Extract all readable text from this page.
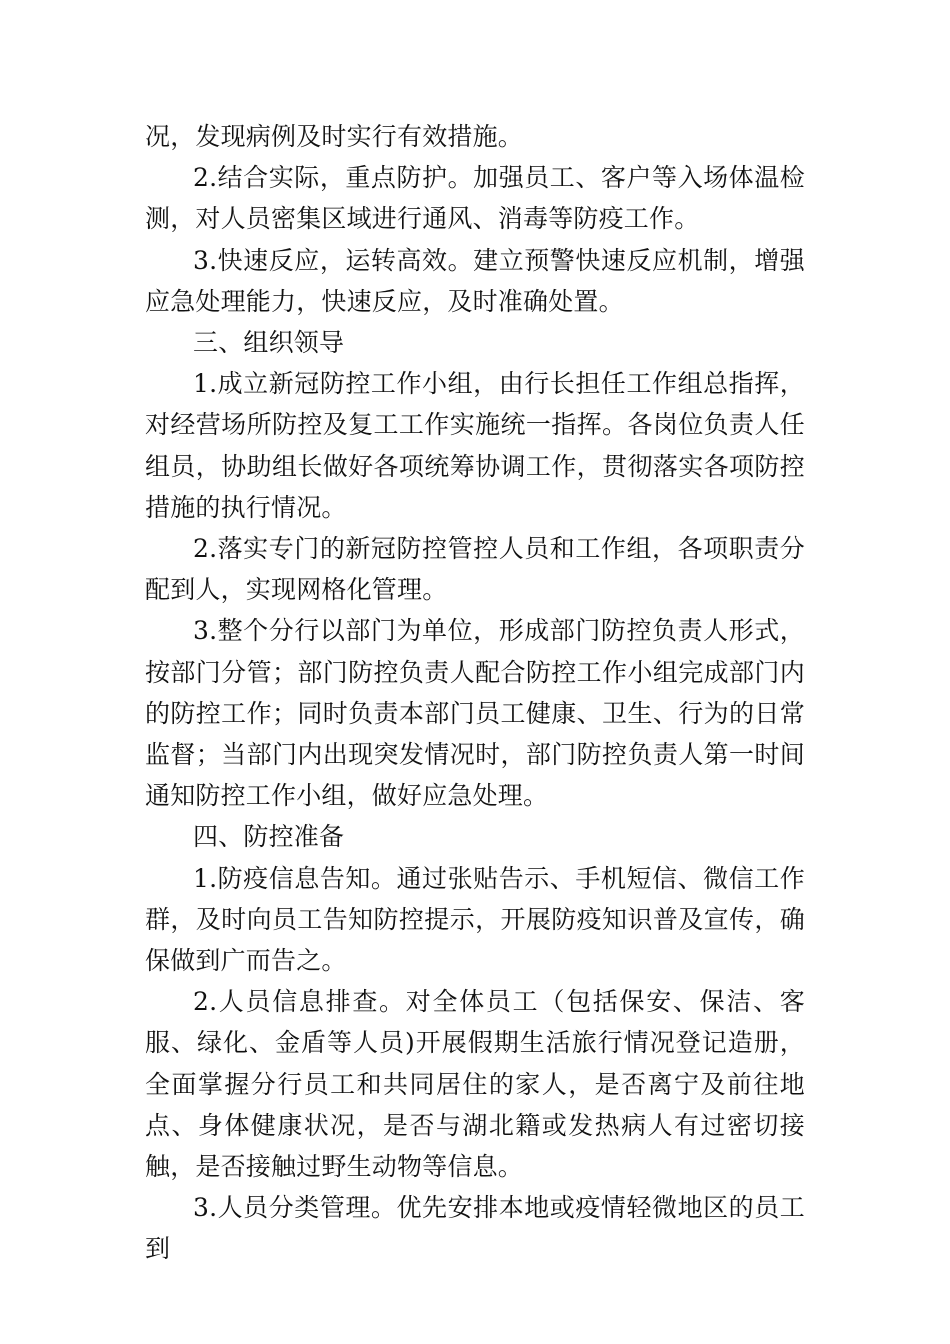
况，发现病例及时实行有效措施。

2.结合实际，重点防护。加强员工、客户等入场体温检测，对人员密集区域进行通风、消毒等防疫工作。

3.快速反应，运转高效。建立预警快速反应机制，增强应急处理能力，快速反应，及时准确处置。

三、组织领导

1.成立新冠防控工作小组，由行长担任工作组总指挥，对经营场所防控及复工工作实施统一指挥。各岗位负责人任组员，协助组长做好各项统筹协调工作，贯彻落实各项防控措施的执行情况。

2.落实专门的新冠防控管控人员和工作组，各项职责分配到人，实现网格化管理。

3.整个分行以部门为单位，形成部门防控负责人形式，按部门分管；部门防控负责人配合防控工作小组完成部门内的防控工作；同时负责本部门员工健康、卫生、行为的日常监督；当部门内出现突发情况时，部门防控负责人第一时间通知防控工作小组，做好应急处理。

四、防控准备

1.防疫信息告知。通过张贴告示、手机短信、微信工作群，及时向员工告知防控提示，开展防疫知识普及宣传，确保做到广而告之。

2.人员信息排查。对全体员工（包括保安、保洁、客服、绿化、金盾等人员)开展假期生活旅行情况登记造册，全面掌握分行员工和共同居住的家人，是否离宁及前往地点、身体健康状况，是否与湖北籍或发热病人有过密切接触，是否接触过野生动物等信息。

3.人员分类管理。优先安排本地或疫情轻微地区的员工到
